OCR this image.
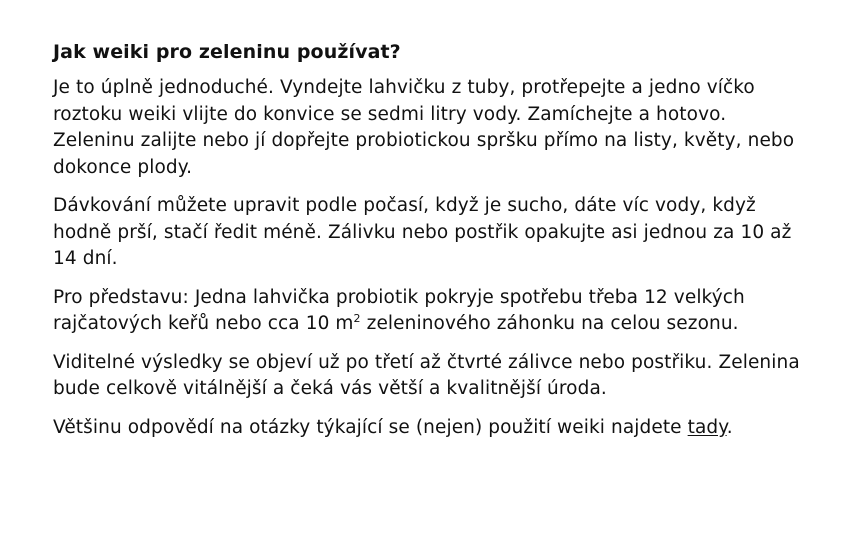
Jak weiki pro zeleninu používat?

Je to úplně jednoduché. Vyndejte lahvičku z tuby, protřepejte a jedno víčko roztoku weiki vlijte do konvice se sedmi litry vody. Zamíchejte a hotovo. Zeleninu zalijte nebo jí dopřejte probiotickou spršku přímo na listy, květy, nebo dokonce plody.

Dávkování můžete upravit podle počasí, když je sucho, dáte víc vody, když hodně prší, stačí ředit méně. Zálivku nebo postřik opakujte asi jednou za 10 až 14 dní.

Pro představu: Jedna lahvička probiotik pokryje spotřebu třeba 12 velkých rajčatových keřů nebo cca 10 $m^2$ zeleninového záhonku na celou sezonu.

Viditelné výsledky se objeví už po třetí až čtvrté zálivce nebo postřiku. Zelenina bude celkově vitálnější a čeká vás větší a kvalitnější úroda.

Většinu odpovědí na otázky týkající se (nejen) použití weiki najdete tady.
